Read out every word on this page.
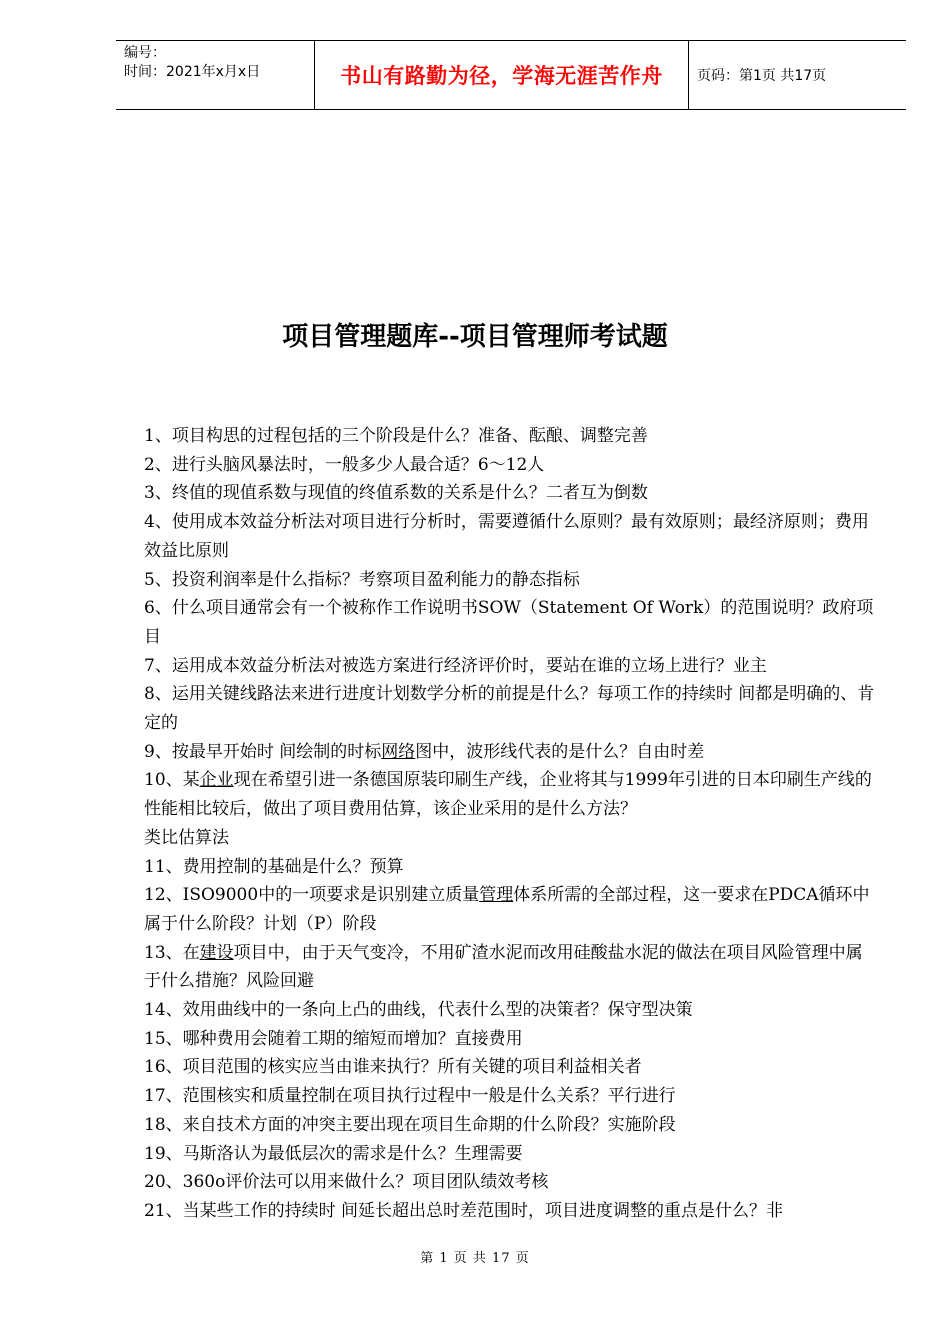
编号：
时间：2021年x月x日	书山有路勤为径，学海无涯苦作舟	页码：第1页 共17页
项目管理题库--项目管理师考试题

1、项目构思的过程包括的三个阶段是什么？准备、酝酿、调整完善

2、进行头脑风暴法时，一般多少人最合适？6～12人

3、终值的现值系数与现值的终值系数的关系是什么？二者互为倒数

4、使用成本效益分析法对项目进行分析时，需要遵循什么原则？最有效原则；最经济原则；费用效益比原则

5、投资利润率是什么指标？考察项目盈利能力的静态指标

6、什么项目通常会有一个被称作工作说明书SOW（Statement Of Work）的范围说明？政府项目

7、运用成本效益分析法对被选方案进行经济评价时，要站在谁的立场上进行？业主

8、运用关键线路法来进行进度计划数学分析的前提是什么？每项工作的持续时 间都是明确的、肯定的

9、按最早开始时 间绘制的时标网络图中，波形线代表的是什么？自由时差

10、某企业现在希望引进一条德国原装印刷生产线，企业将其与1999年引进的日本印刷生产线的性能相比较后，做出了项目费用估算，该企业采用的是什么方法？

类比估算法

11、费用控制的基础是什么？预算

12、ISO9000中的一项要求是识别建立质量管理体系所需的全部过程，这一要求在PDCA循环中属于什么阶段？计划（P）阶段

13、在建设项目中，由于天气变冷，不用矿渣水泥而改用硅酸盐水泥的做法在项目风险管理中属于什么措施？风险回避

14、效用曲线中的一条向上凸的曲线，代表什么型的决策者？保守型决策

15、哪种费用会随着工期的缩短而增加？直接费用

16、项目范围的核实应当由谁来执行？所有关键的项目利益相关者

17、范围核实和质量控制在项目执行过程中一般是什么关系？平行进行

18、来自技术方面的冲突主要出现在项目生命期的什么阶段？实施阶段

19、马斯洛认为最低层次的需求是什么？生理需要

20、360o评价法可以用来做什么？项目团队绩效考核

21、当某些工作的持续时 间延长超出总时差范围时，项目进度调整的重点是什么？非

第 1 页 共 17 页
